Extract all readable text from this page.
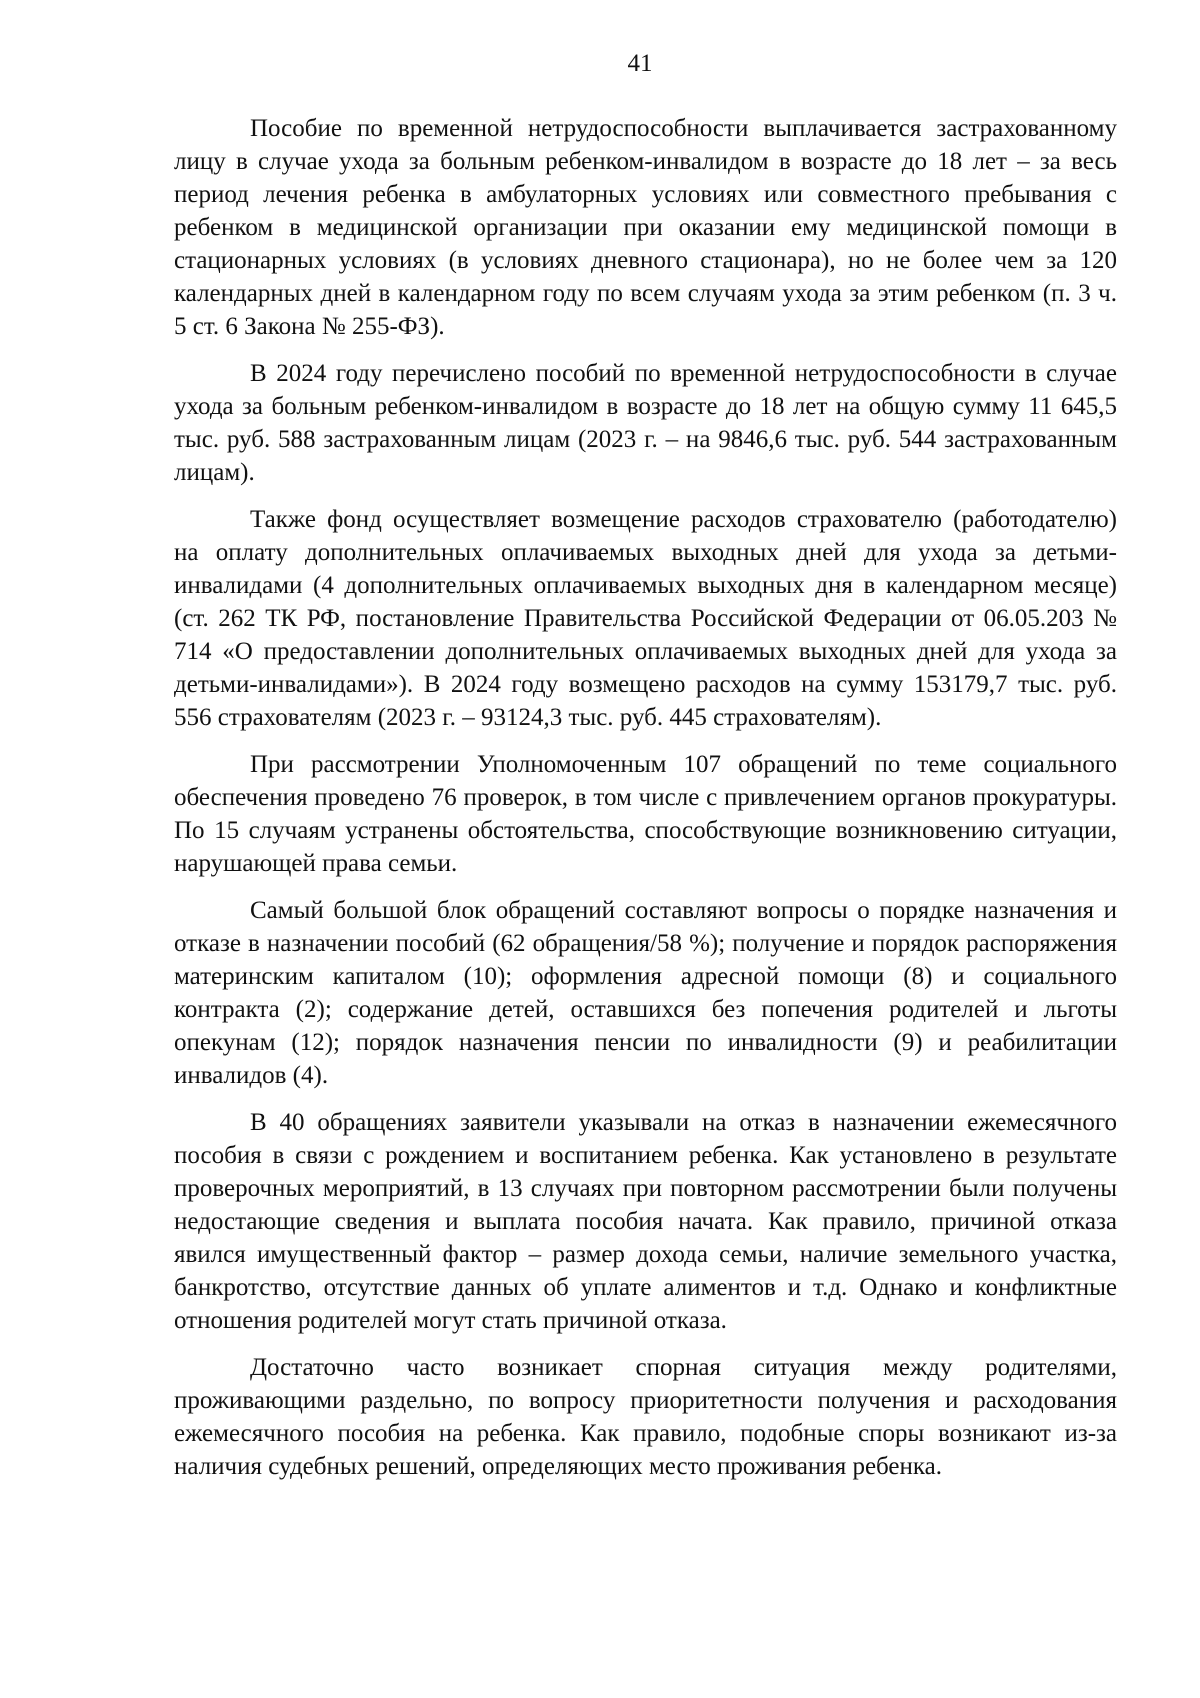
41

Пособие по временной нетрудоспособности выплачивается застрахованному лицу в случае ухода за больным ребенком-инвалидом в возрасте до 18 лет – за весь период лечения ребенка в амбулаторных условиях или совместного пребывания с ребенком в медицинской организации при оказании ему медицинской помощи в стационарных условиях (в условиях дневного стационара), но не более чем за 120 календарных дней в календарном году по всем случаям ухода за этим ребенком (п. 3 ч. 5 ст. 6 Закона № 255-ФЗ).

В 2024 году перечислено пособий по временной нетрудоспособности в случае ухода за больным ребенком-инвалидом в возрасте до 18 лет на общую сумму 11 645,5 тыс. руб. 588 застрахованным лицам (2023 г. – на 9846,6 тыс. руб. 544 застрахованным лицам).

Также фонд осуществляет возмещение расходов страхователю (работодателю) на оплату дополнительных оплачиваемых выходных дней для ухода за детьми-инвалидами (4 дополнительных оплачиваемых выходных дня в календарном месяце) (ст. 262 ТК РФ, постановление Правительства Российской Федерации от 06.05.203 № 714 «О предоставлении дополнительных оплачиваемых выходных дней для ухода за детьми-инвалидами»). В 2024 году возмещено расходов на сумму 153179,7 тыс. руб. 556 страхователям (2023 г. – 93124,3 тыс. руб. 445 страхователям).

При рассмотрении Уполномоченным 107 обращений по теме социального обеспечения проведено 76 проверок, в том числе с привлечением органов прокуратуры. По 15 случаям устранены обстоятельства, способствующие возникновению ситуации, нарушающей права семьи.

Самый большой блок обращений составляют вопросы о порядке назначения и отказе в назначении пособий (62 обращения/58 %); получение и порядок распоряжения материнским капиталом (10); оформления адресной помощи (8) и социального контракта (2); содержание детей, оставшихся без попечения родителей и льготы опекунам (12); порядок назначения пенсии по инвалидности (9) и реабилитации инвалидов (4).

В 40 обращениях заявители указывали на отказ в назначении ежемесячного пособия в связи с рождением и воспитанием ребенка. Как установлено в результате проверочных мероприятий, в 13 случаях при повторном рассмотрении были получены недостающие сведения и выплата пособия начата. Как правило, причиной отказа явился имущественный фактор – размер дохода семьи, наличие земельного участка, банкротство, отсутствие данных об уплате алиментов и т.д. Однако и конфликтные отношения родителей могут стать причиной отказа.

Достаточно часто возникает спорная ситуация между родителями, проживающими раздельно, по вопросу приоритетности получения и расходования ежемесячного пособия на ребенка. Как правило, подобные споры возникают из-за наличия судебных решений, определяющих место проживания ребенка.
